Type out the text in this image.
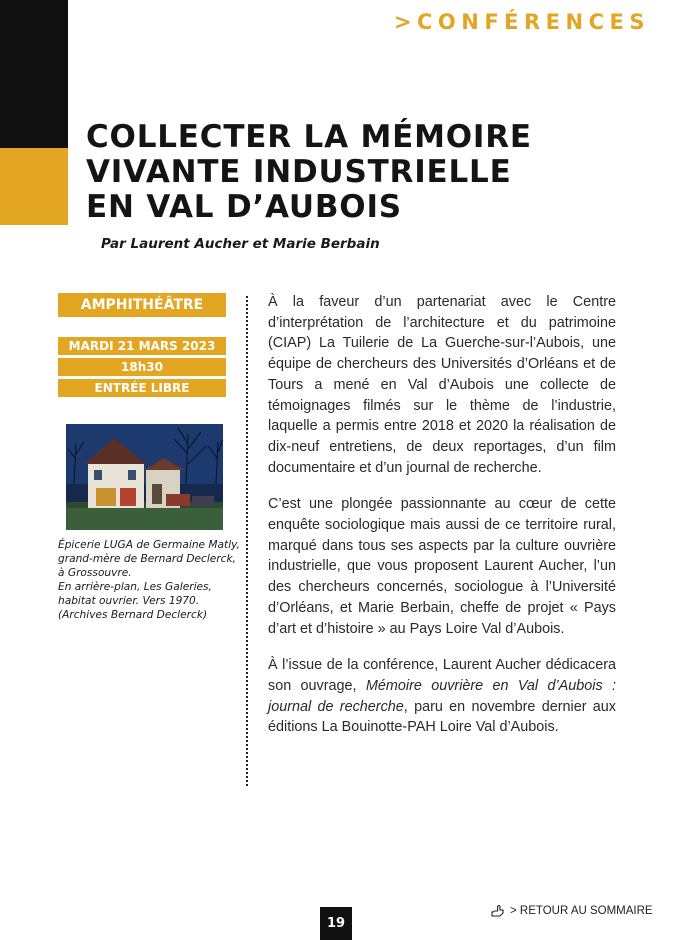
>CONFÉRENCES
COLLECTER LA MÉMOIRE
VIVANTE INDUSTRIELLE
EN VAL D’AUBOIS
Par Laurent Aucher et Marie Berbain
AMPHITHÉÂTRE
MARDI 21 MARS 2023
18h30
ENTRÉE LIBRE
Épicerie LUGA de Germaine Matly,
grand-mère de Bernard Declerck,
à Grossouvre.
En arrière-plan, Les Galeries,
habitat ouvrier. Vers 1970.
(Archives Bernard Declerck)

À la faveur d’un partenariat avec le Centre d’interprétation de l’architecture et du patrimoine (CIAP) La Tuilerie de La Guerche-sur-l’Aubois, une équipe de chercheurs des Universités d’Orléans et de Tours a mené en Val d’Aubois une collecte de témoignages filmés sur le thème de l’industrie, laquelle a permis entre 2018 et 2020 la réalisation de dix-neuf entretiens, de deux reportages, d’un film documentaire et d’un journal de recherche.

C’est une plongée passionnante au cœur de cette enquête sociologique mais aussi de ce territoire rural, marqué dans tous ses aspects par la culture ouvrière industrielle, que vous proposent Laurent Aucher, l’un des chercheurs concernés, sociologue à l’Université d’Orléans, et Marie Berbain, cheffe de projet « Pays d’art et d’histoire » au Pays Loire Val d’Aubois.

À l’issue de la conférence, Laurent Aucher dédicacera son ouvrage, Mémoire ouvrière en Val d’Aubois : journal de recherche, paru en novembre dernier aux éditions La Bouinotte-PAH Loire Val d’Aubois.

19
> RETOUR AU SOMMAIRE
